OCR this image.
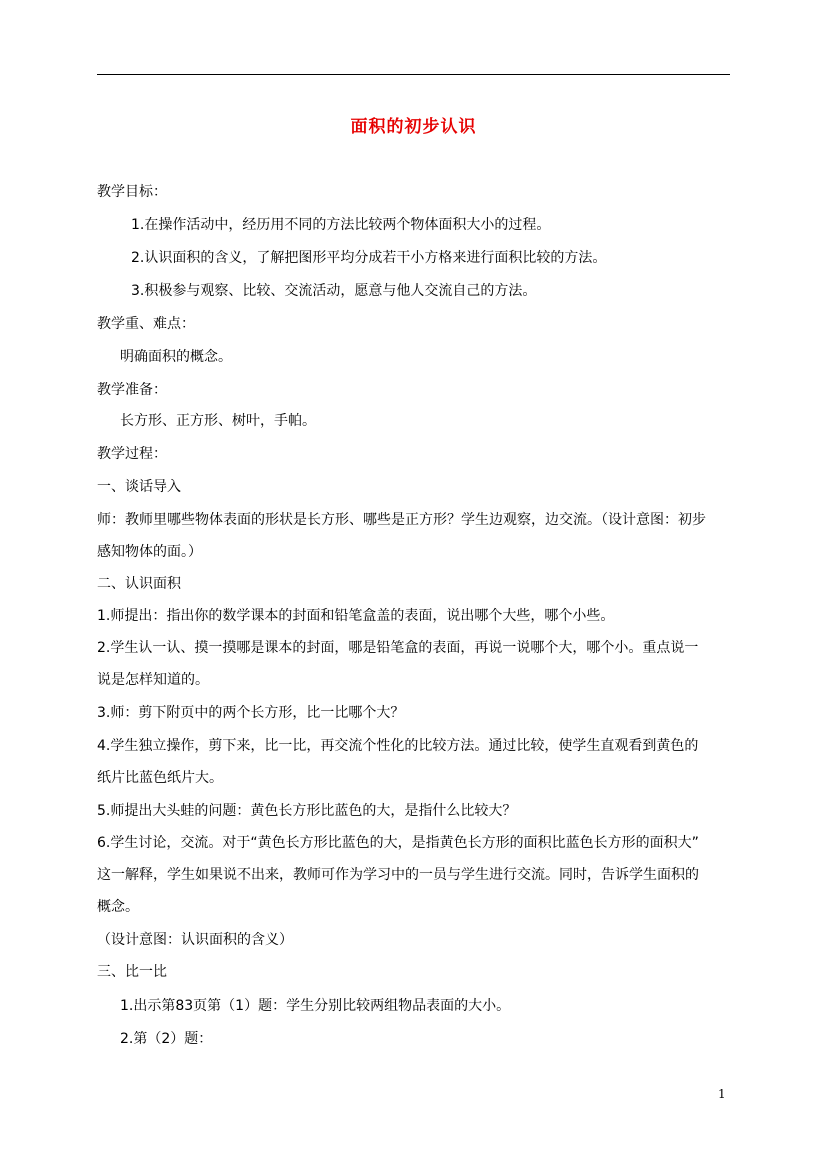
面积的初步认识
教学目标：
1.在操作活动中，经历用不同的方法比较两个物体面积大小的过程。
2.认识面积的含义，了解把图形平均分成若干小方格来进行面积比较的方法。
3.积极参与观察、比较、交流活动，愿意与他人交流自己的方法。
教学重、难点：
明确面积的概念。
教学准备：
长方形、正方形、树叶，手帕。
教学过程：
一、谈话导入
师：教师里哪些物体表面的形状是长方形、哪些是正方形？学生边观察，边交流。（设计意图：初步
感知物体的面。）
二、认识面积
1.师提出：指出你的数学课本的封面和铅笔盒盖的表面，说出哪个大些，哪个小些。
2.学生认一认、摸一摸哪是课本的封面，哪是铅笔盒的表面，再说一说哪个大，哪个小。重点说一
说是怎样知道的。
3.师：剪下附页中的两个长方形，比一比哪个大？
4.学生独立操作，剪下来，比一比，再交流个性化的比较方法。通过比较，使学生直观看到黄色的
纸片比蓝色纸片大。
5.师提出大头蛙的问题：黄色长方形比蓝色的大，是指什么比较大？
6.学生讨论，交流。对于“黄色长方形比蓝色的大，是指黄色长方形的面积比蓝色长方形的面积大”
这一解释，学生如果说不出来，教师可作为学习中的一员与学生进行交流。同时，告诉学生面积的
概念。
（设计意图：认识面积的含义）
三、比一比
1.出示第83页第（1）题：学生分别比较两组物品表面的大小。
2.第（2）题：
1
